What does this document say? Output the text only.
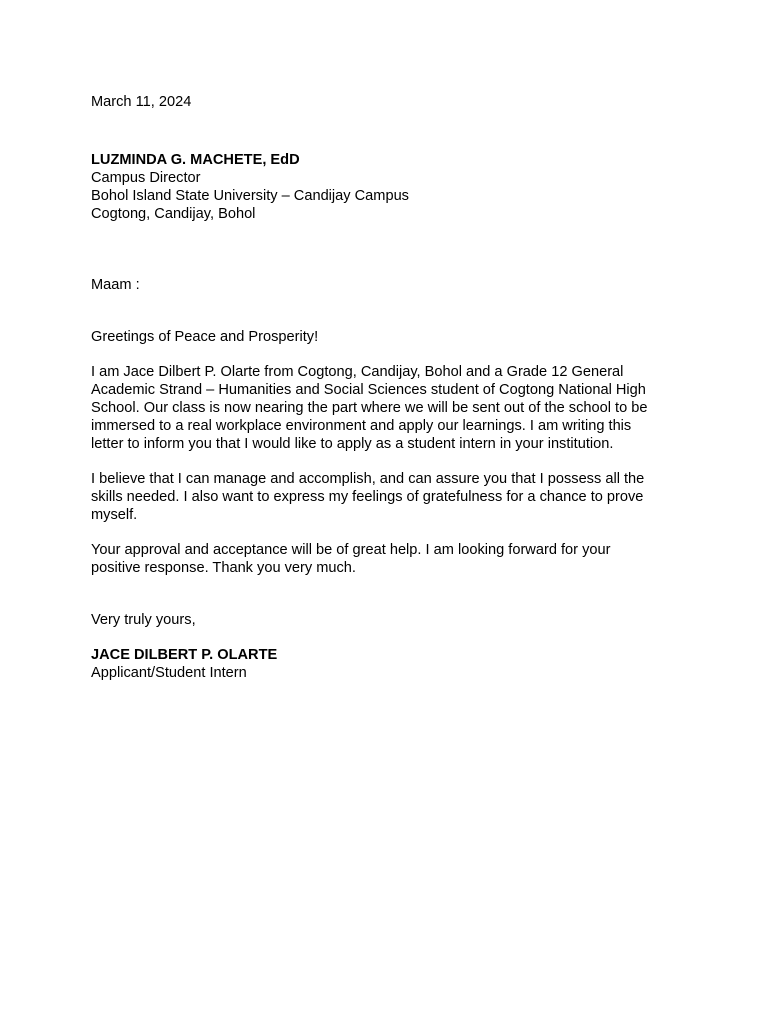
March 11, 2024
LUZMINDA G. MACHETE, EdD
Campus Director
Bohol Island State University – Candijay Campus
Cogtong, Candijay, Bohol
Maam :
Greetings of Peace and Prosperity!
I am Jace Dilbert P. Olarte from Cogtong, Candijay, Bohol and a Grade 12 General
Academic Strand – Humanities and Social Sciences student of Cogtong National High
School. Our class is now nearing the part where we will be sent out of the school to be
immersed to a real workplace environment and apply our learnings. I am writing this
letter to inform you that I would like to apply as a student intern in your institution.
I believe that I can manage and accomplish, and can assure you that I possess all the
skills needed. I also want to express my feelings of gratefulness for a chance to prove
myself.
Your approval and acceptance will be of great help. I am looking forward for your
positive response. Thank you very much.
Very truly yours,
JACE DILBERT P. OLARTE
Applicant/Student Intern
